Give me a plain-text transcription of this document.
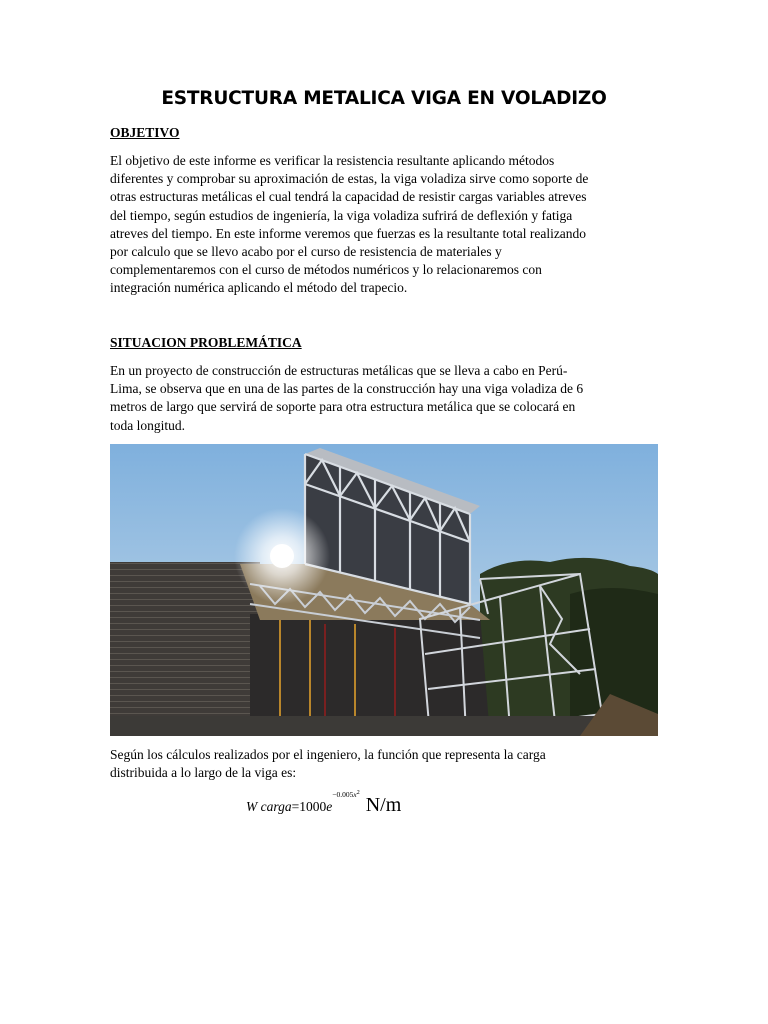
ESTRUCTURA METALICA VIGA EN VOLADIZO

OBJETIVO

El objetivo de este informe es verificar la resistencia resultante aplicando métodos
diferentes y comprobar su aproximación de estas, la viga voladiza sirve como soporte de
otras estructuras metálicas el cual tendrá la capacidad de resistir cargas variables atreves
del tiempo, según estudios de ingeniería, la viga voladiza sufrirá de deflexión y fatiga
atreves del tiempo. En este informe veremos que fuerzas es la resultante total realizando
por calculo que se llevo acabo por el curso de resistencia de materiales y
complementaremos con el curso de métodos numéricos y lo relacionaremos con
integración numérica aplicando el método del trapecio.

SITUACION PROBLEMÁTICA

En un proyecto de construcción de estructuras metálicas que se lleva a cabo en Perú-
Lima, se observa que en una de las partes de la construcción hay una viga voladiza de 6
metros de largo que servirá de soporte para otra estructura metálica que se colocará en
toda longitud.
Según los cálculos realizados por el ingeniero, la función que representa la carga
distribuida a lo largo de la viga es:
W $carga=1000e^{-0.005x^2}N/m$
